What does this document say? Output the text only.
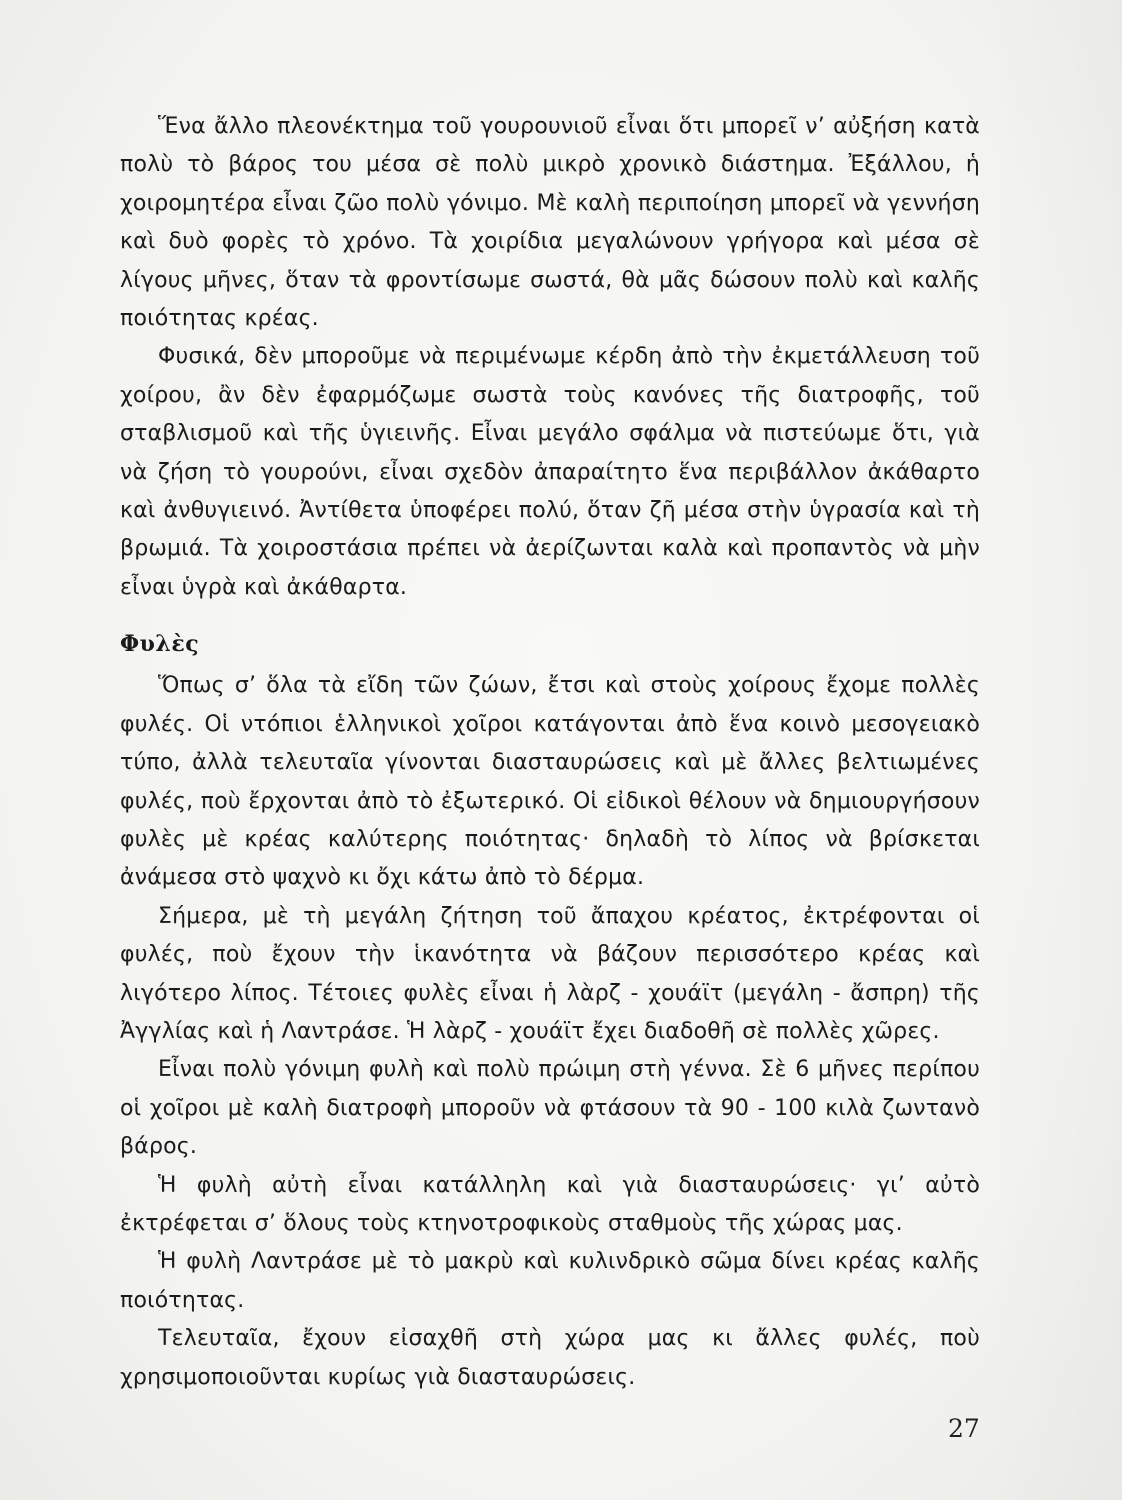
Ἕνα ἄλλο πλεονέκτημα τοῦ γουρουνιοῦ εἶναι ὅτι μπορεῖ ν’ αὐξήση κατὰ πολὺ τὸ βάρος του μέσα σὲ πολὺ μικρὸ χρονικὸ διάστημα. Ἐξάλλου, ἡ χοιρομητέρα εἶναι ζῶο πολὺ γόνιμο. Μὲ καλὴ περιποίηση μπορεῖ νὰ γεννήση καὶ δυὸ φορὲς τὸ χρόνο. Τὰ χοιρίδια μεγαλώνουν γρήγορα καὶ μέσα σὲ λίγους μῆνες, ὅταν τὰ φροντίσωμε σωστά, θὰ μᾶς δώσουν πολὺ καὶ καλῆς ποιότητας κρέας.

Φυσικά, δὲν μποροῦμε νὰ περιμένωμε κέρδη ἀπὸ τὴν ἐκμετάλλευση τοῦ χοίρου, ἂν δὲν ἐφαρμόζωμε σωστὰ τοὺς κανόνες τῆς διατροφῆς, τοῦ σταβλισμοῦ καὶ τῆς ὑγιεινῆς. Εἶναι μεγάλο σφάλμα νὰ πιστεύωμε ὅτι, γιὰ νὰ ζήση τὸ γουρούνι, εἶναι σχεδὸν ἀπαραίτητο ἕνα περιβάλλον ἀκάθαρτο καὶ ἀνθυγιεινό. Ἀντίθετα ὑποφέρει πολύ, ὅταν ζῆ μέσα στὴν ὑγρασία καὶ τὴ βρωμιά. Τὰ χοιροστάσια πρέπει νὰ ἀερίζωνται καλὰ καὶ προπαντὸς νὰ μὴν εἶναι ὑγρὰ καὶ ἀκάθαρτα.

Φυλὲς

Ὅπως σ’ ὅλα τὰ εἴδη τῶν ζώων, ἔτσι καὶ στοὺς χοίρους ἔχομε πολλὲς φυλές. Οἱ ντόπιοι ἑλληνικοὶ χοῖροι κατάγονται ἀπὸ ἕνα κοινὸ μεσογειακὸ τύπο, ἀλλὰ τελευταῖα γίνονται διασταυρώσεις καὶ μὲ ἄλλες βελτιωμένες φυλές, ποὺ ἔρχονται ἀπὸ τὸ ἐξωτερικό. Οἱ εἰδικοὶ θέλουν νὰ δημιουργήσουν φυλὲς μὲ κρέας καλύτερης ποιότητας· δηλαδὴ τὸ λίπος νὰ βρίσκεται ἀνάμεσα στὸ ψαχνὸ κι ὄχι κάτω ἀπὸ τὸ δέρμα.

Σήμερα, μὲ τὴ μεγάλη ζήτηση τοῦ ἄπαχου κρέατος, ἐκτρέφονται οἱ φυλές, ποὺ ἔχουν τὴν ἱκανότητα νὰ βάζουν περισσότερο κρέας καὶ λιγότερο λίπος. Τέτοιες φυλὲς εἶναι ἡ λὰρζ - χουάϊτ (μεγάλη - ἄσπρη) τῆς Ἀγγλίας καὶ ἡ Λαντράσε. Ἡ λὰρζ - χουάϊτ ἔχει διαδοθῆ σὲ πολλὲς χῶρες.

Εἶναι πολὺ γόνιμη φυλὴ καὶ πολὺ πρώιμη στὴ γέννα. Σὲ 6 μῆνες περίπου οἱ χοῖροι μὲ καλὴ διατροφὴ μποροῦν νὰ φτάσουν τὰ 90 - 100 κιλὰ ζωντανὸ βάρος.

Ἡ φυλὴ αὐτὴ εἶναι κατάλληλη καὶ γιὰ διασταυρώσεις· γι’ αὐτὸ ἐκτρέφεται σ’ ὅλους τοὺς κτηνοτροφικοὺς σταθμοὺς τῆς χώρας μας.

Ἡ φυλὴ Λαντράσε μὲ τὸ μακρὺ καὶ κυλινδρικὸ σῶμα δίνει κρέας καλῆς ποιότητας.

Τελευταῖα, ἔχουν εἰσαχθῆ στὴ χώρα μας κι ἄλλες φυλές, ποὺ χρησιμοποιοῦνται κυρίως γιὰ διασταυρώσεις.

27
